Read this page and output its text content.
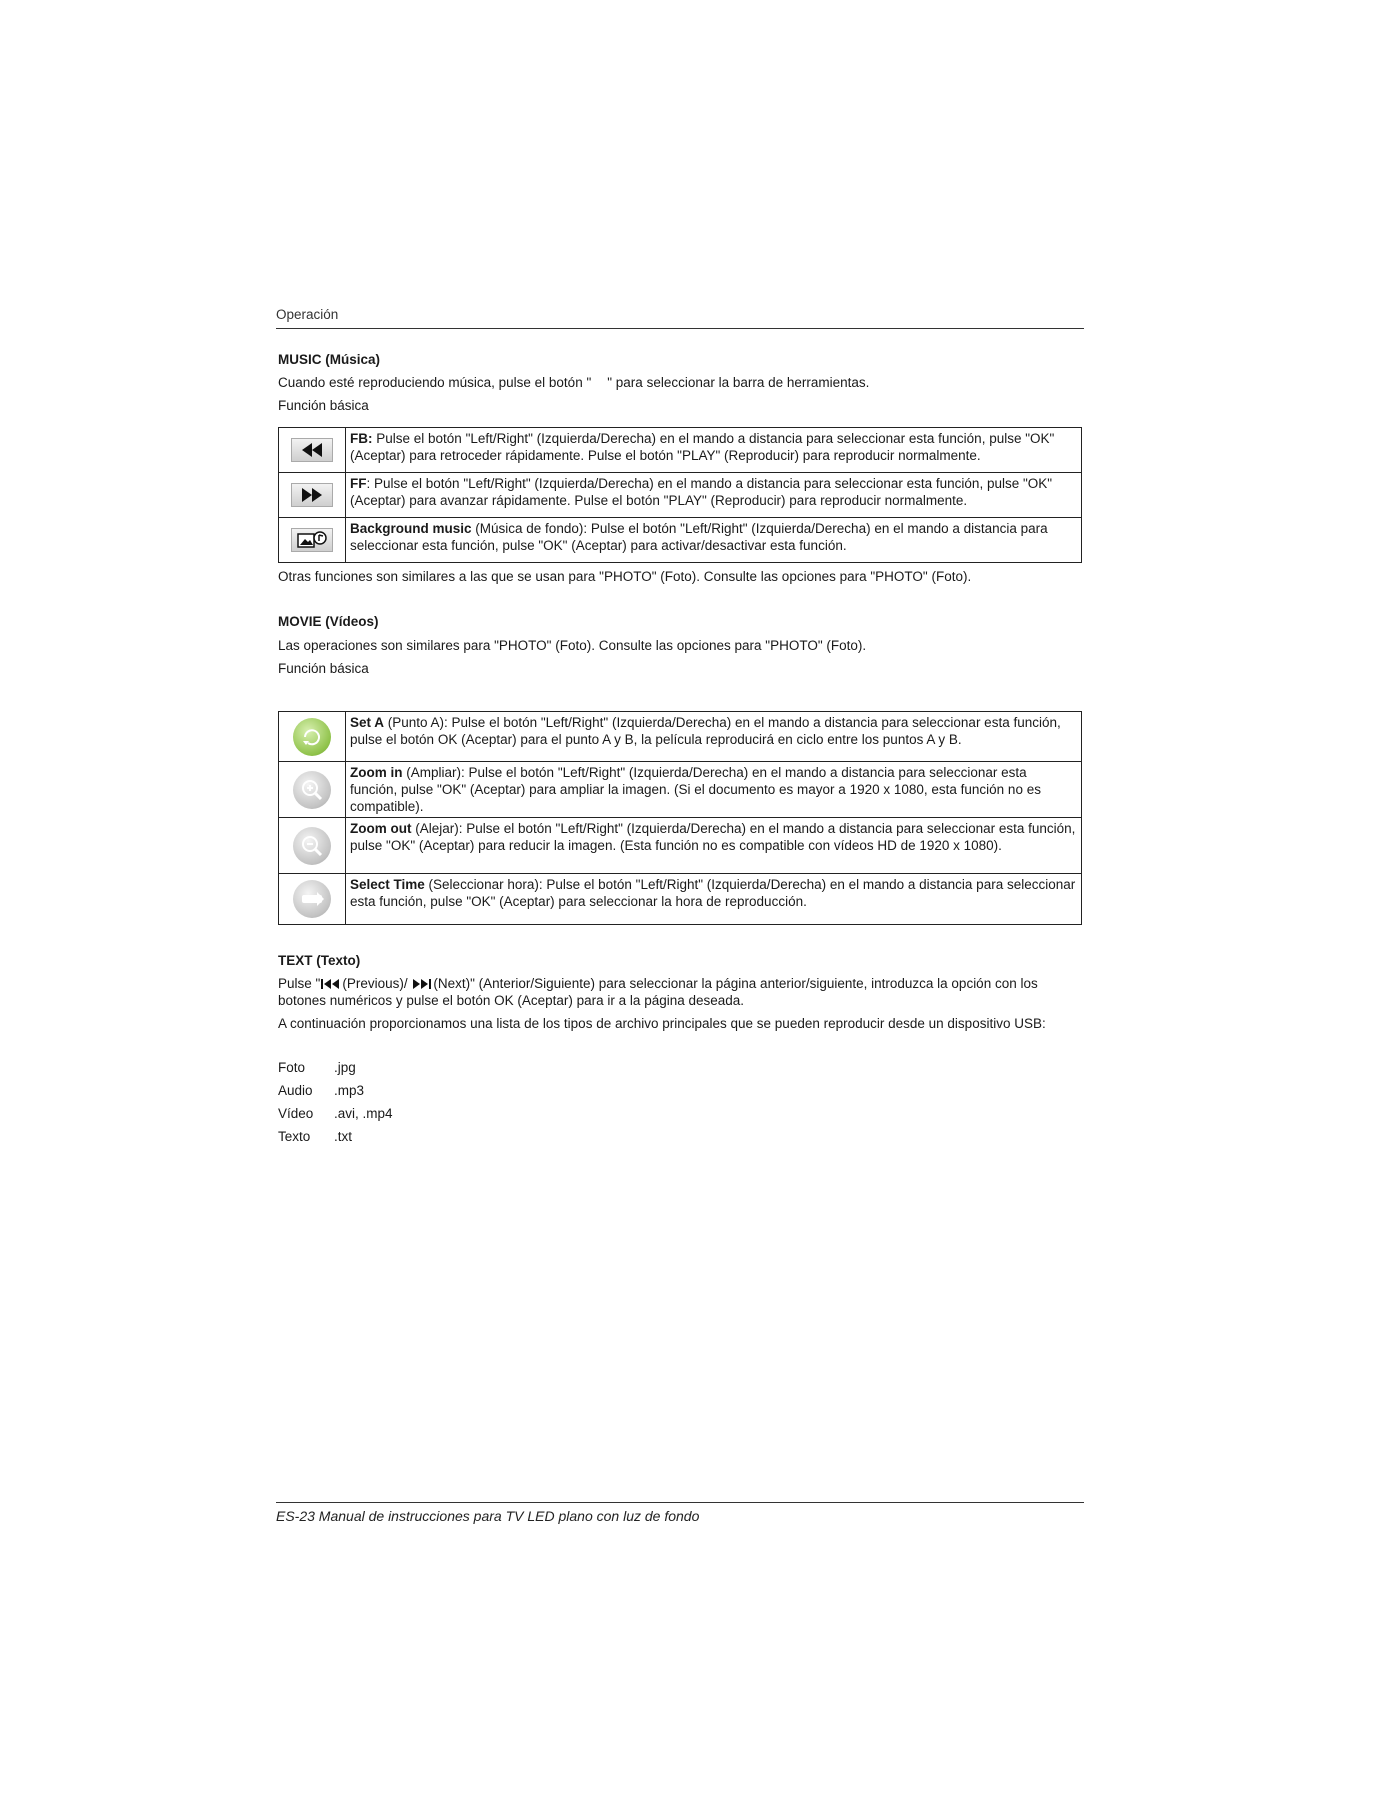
Operación

MUSIC (Música)

Cuando esté reproduciendo música, pulse el botón " " para seleccionar la barra de herramientas.

Función básica

	FB: Pulse el botón "Left/Right" (Izquierda/Derecha) en el mando a distancia para seleccionar esta función, pulse "OK" (Aceptar) para retroceder rápidamente. Pulse el botón "PLAY" (Reproducir) para reproducir normalmente.

	FF: Pulse el botón "Left/Right" (Izquierda/Derecha) en el mando a distancia para seleccionar esta función, pulse "OK" (Aceptar) para avanzar rápidamente. Pulse el botón "PLAY" (Reproducir) para reproducir normalmente.

	Background music (Música de fondo): Pulse el botón "Left/Right" (Izquierda/Derecha) en el mando a distancia para seleccionar esta función, pulse "OK" (Aceptar) para activar/desactivar esta función.

Otras funciones son similares a las que se usan para "PHOTO" (Foto). Consulte las opciones para "PHOTO" (Foto).

MOVIE (Vídeos)

Las operaciones son similares para "PHOTO" (Foto). Consulte las opciones para "PHOTO" (Foto).

Función básica

	Set A (Punto A): Pulse el botón "Left/Right" (Izquierda/Derecha) en el mando a distancia para seleccionar esta función, pulse el botón OK (Aceptar) para el punto A y B, la película reproducirá en ciclo entre los puntos A y B.

	Zoom in (Ampliar): Pulse el botón "Left/Right" (Izquierda/Derecha) en el mando a distancia para seleccionar esta función, pulse "OK" (Aceptar) para ampliar la imagen. (Si el documento es mayor a 1920 x 1080, esta función no es compatible).

	Zoom out (Alejar): Pulse el botón "Left/Right" (Izquierda/Derecha) en el mando a distancia para seleccionar esta función, pulse "OK" (Aceptar) para reducir la imagen. (Esta función no es compatible con vídeos HD de 1920 x 1080).

	Select Time (Seleccionar hora): Pulse el botón "Left/Right" (Izquierda/Derecha) en el mando a distancia para seleccionar esta función, pulse "OK" (Aceptar) para seleccionar la hora de reproducción.

TEXT (Texto)

Pulse " (Previous)/ (Next)" (Anterior/Siguiente) para seleccionar la página anterior/siguiente, introduzca la opción con los botones numéricos y pulse el botón OK (Aceptar) para ir a la página deseada.

A continuación proporcionamos una lista de los tipos de archivo principales que se pueden reproducir desde un dispositivo USB:

Foto .jpg
Audio .mp3
Vídeo .avi, .mp4
Texto .txt
ES-23 Manual de instrucciones para TV LED plano con luz de fondo
